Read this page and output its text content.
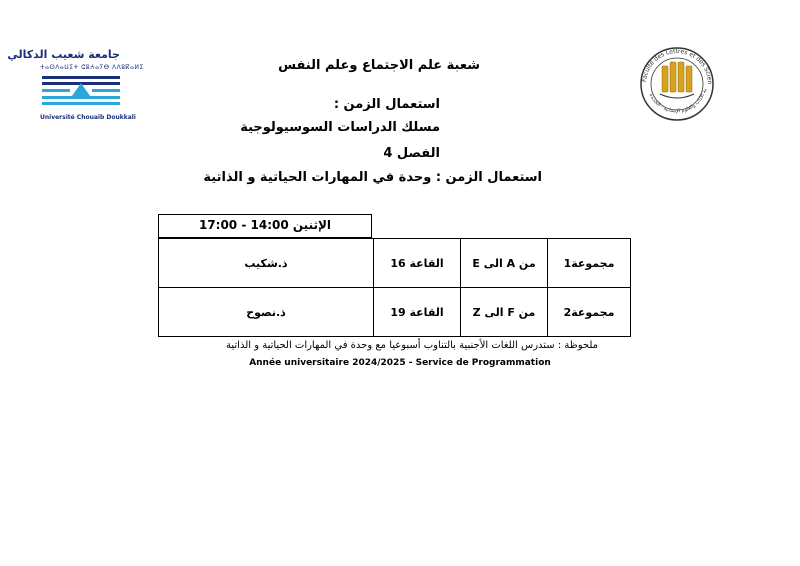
جامعة شعيب الدكالي
ⵜⴰⵙⴷⴰⵡⵉⵜ ⵛⵓⵄⴰⵢⴱ ⴷⴷⵓⴽⴰⵍⵉ
Université Chouaib Doukkali
Faculté des Lettres et des Scien
ية الآداب والعلوم الإنسانية - الجديدة
شعبة علم الاجتماع وعلم النفس
استعمال الزمن :
مسلك الدراسات السوسيولوجية
الفصل 4
استعمال الزمن : وحدة في المهارات الحياتية و الذاتية
الإثنين 14:00 - 17:00
ذ.شكيب	القاعة 16	من A الى E	مجموعة1
ذ.نصوح	القاعة 19	من F الى Z	مجموعة2
ملحوظة : ستدرس اللغات الأجنبية بالتناوب أسبوعيا مع وحدة في المهارات الحياتية و الذاتية
Année universitaire 2024/2025 - Service de Programmation
